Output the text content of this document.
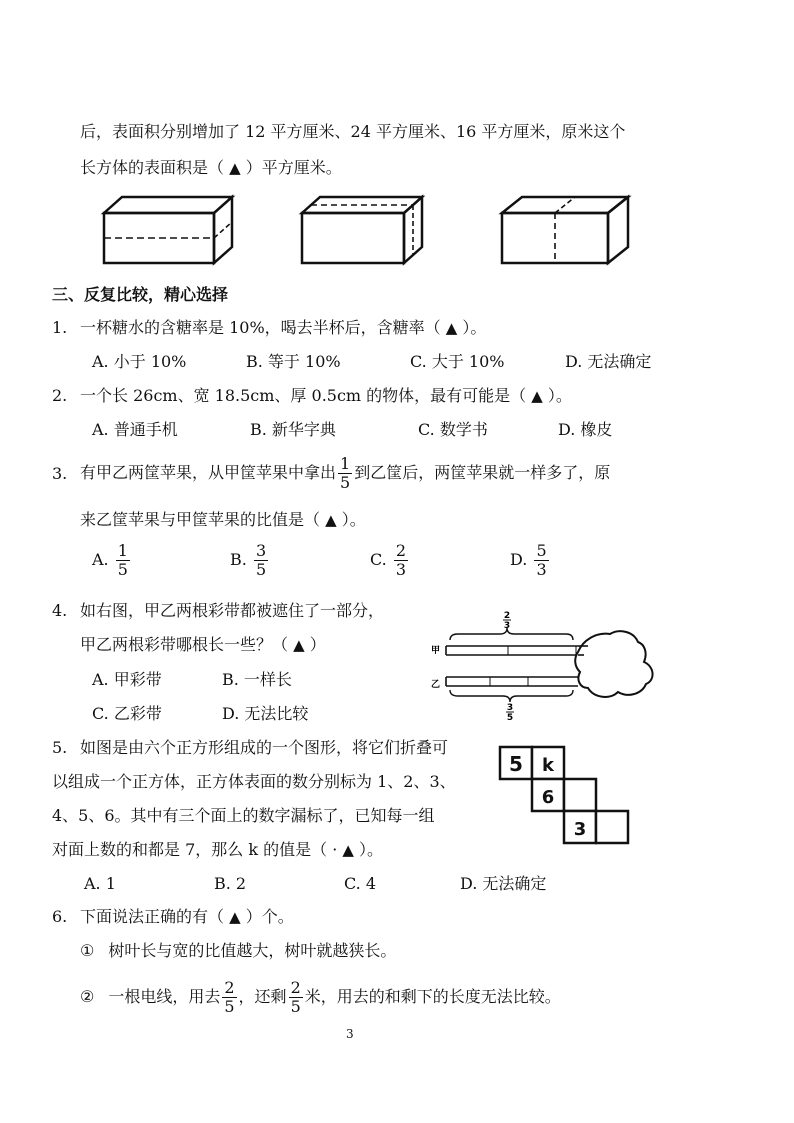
后，表面积分别增加了 12 平方厘米、24 平方厘米、16 平方厘米，原米这个
长方体的表面积是（ ▲ ）平方厘米。
三、反复比较，精心选择
1. 一杯糖水的含糖率是 10%，喝去半杯后，含糖率（ ▲ ）。
A. 小于 10%	B. 等于 10%	C. 大于 10%	D. 无法确定
2. 一个长 26cm、宽 18.5cm、厚 0.5cm 的物体，最有可能是（ ▲ ）。
A. 普通手机	B. 新华字典	C. 数学书	D. 橡皮
3. 有甲乙两筐苹果，从甲筐苹果中拿出 $\frac{1}{5}$ 到乙筐后，两筐苹果就一样多了，原
来乙筐苹果与甲筐苹果的比值是（ ▲ ）。
A. $\frac{1}{5}$	B. $\frac{3}{5}$	C. $\frac{2}{3}$	D. $\frac{5}{3}$
4. 如右图，甲乙两根彩带都被遮住了一部分，
甲乙两根彩带哪根长一些？（ ▲ ）
A. 甲彩带	B. 一样长
C. 乙彩带	D. 无法比较
2
3
甲
乙
3
5
5. 如图是由六个正方形组成的一个图形，将它们折叠可
以组成一个正方体，正方体表面的数分别标为 1、2、3、
4、5、6。其中有三个面上的数字漏标了，已知每一组
对面上数的和都是 7，那么 k 的值是（ · ▲ ）。
A. 1	B. 2	C. 4	D. 无法确定
5 k
6
3
6. 下面说法正确的有（ ▲ ）个。
① 树叶长与宽的比值越大，树叶就越狭长。
② 一根电线，用去 $\frac{2}{5}$ ，还剩 $\frac{2}{5}$ 米，用去的和剩下的长度无法比较。
3
